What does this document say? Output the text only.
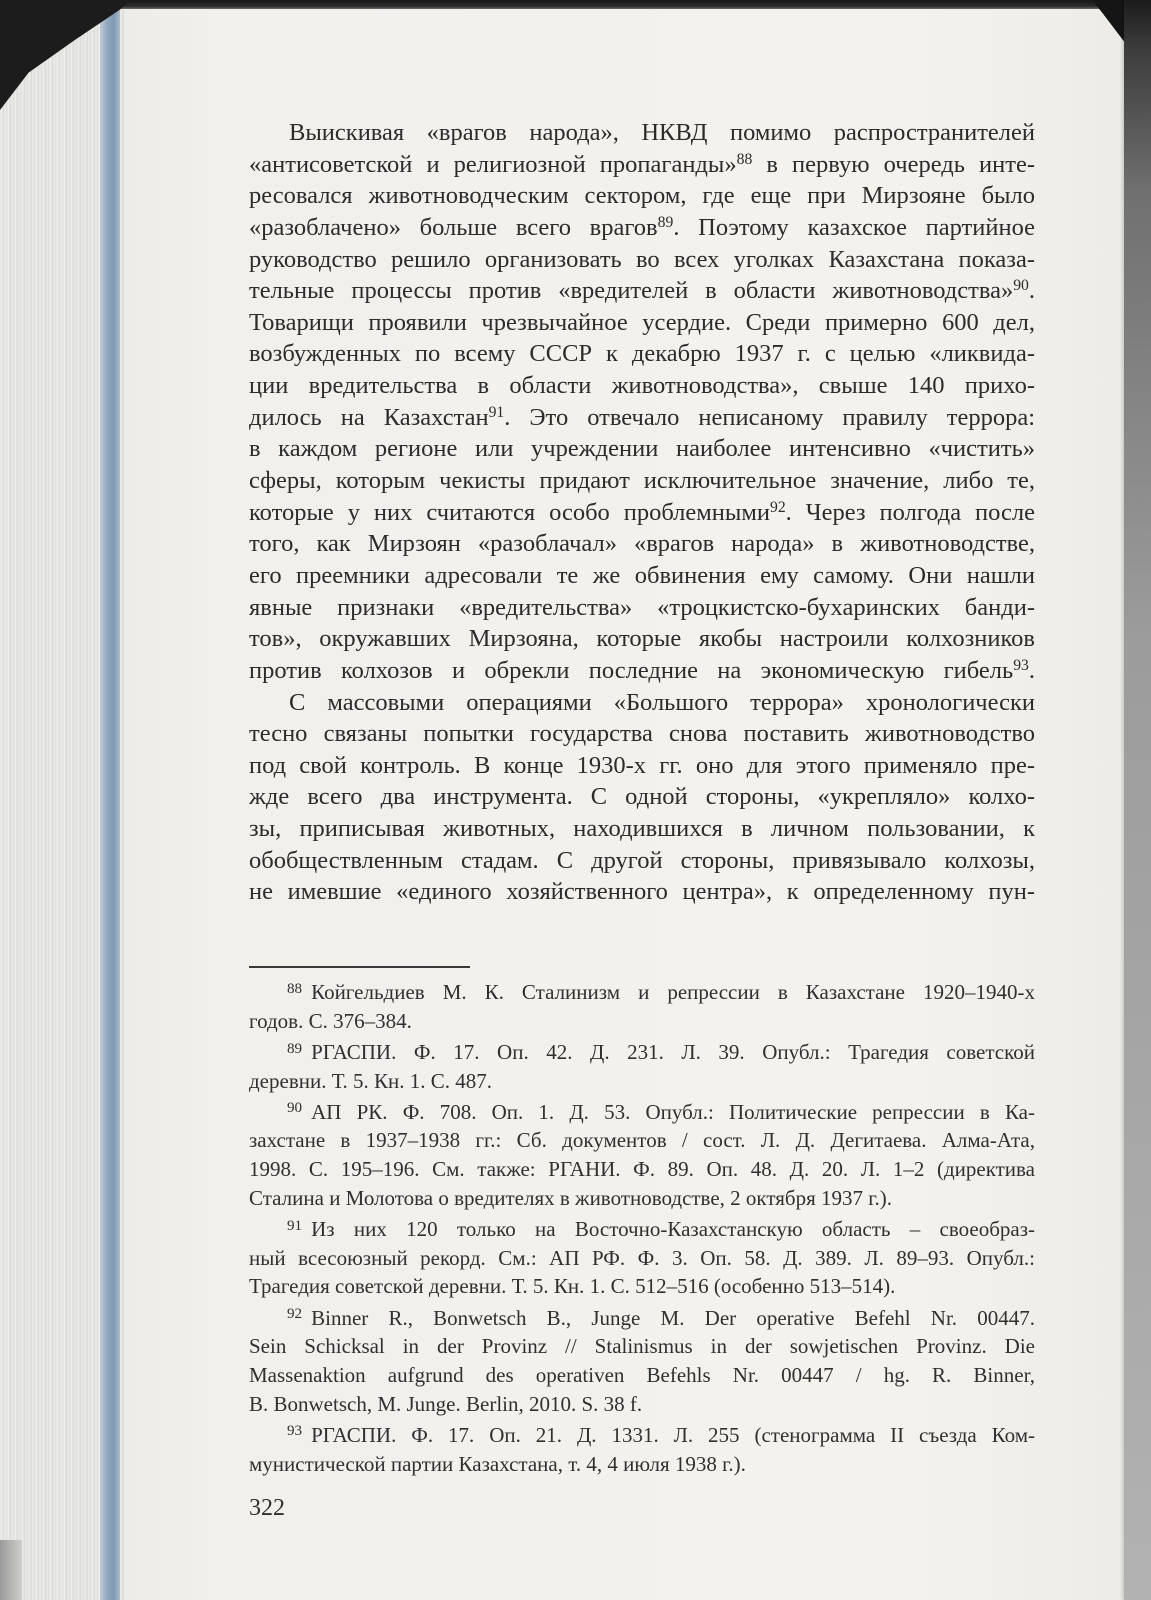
Выискивая «врагов народа», НКВД помимо распространителей
«антисоветской и религиозной пропаганды»$^{88}$ в первую очередь инте-
ресовался животноводческим сектором, где еще при Мирзояне было
«разоблачено» больше всего врагов$^{89}$. Поэтому казахское партийное
руководство решило организовать во всех уголках Казахстана показа-
тельные процессы против «вредителей в области животноводства»$^{90}$.
Товарищи проявили чрезвычайное усердие. Среди примерно 600 дел,
возбужденных по всему СССР к декабрю 1937 г. с целью «ликвида-
ции вредительства в области животноводства», свыше 140 прихо-
дилось на Казахстан$^{91}$. Это отвечало неписаному правилу террора:
в каждом регионе или учреждении наиболее интенсивно «чистить»
сферы, которым чекисты придают исключительное значение, либо те,
которые у них считаются особо проблемными$^{92}$. Через полгода после
того, как Мирзоян «разоблачал» «врагов народа» в животноводстве,
его преемники адресовали те же обвинения ему самому. Они нашли
явные признаки «вредительства» «троцкистско-бухаринских банди-
тов», окружавших Мирзояна, которые якобы настроили колхозников
против колхозов и обрекли последние на экономическую гибель$^{93}$.
С массовыми операциями «Большого террора» хронологически
тесно связаны попытки государства снова поставить животноводство
под свой контроль. В конце 1930-х гг. оно для этого применяло пре-
жде всего два инструмента. С одной стороны, «укрепляло» колхо-
зы, приписывая животных, находившихся в личном пользовании, к
обобществленным стадам. С другой стороны, привязывало колхозы,
не имевшие «единого хозяйственного центра», к определенному пун-
$^{88}$ Койгельдиев М. К. Сталинизм и репрессии в Казахстане 1920–1940-х
годов. С. 376–384.
$^{89}$ РГАСПИ. Ф. 17. Оп. 42. Д. 231. Л. 39. Опубл.: Трагедия советской
деревни. Т. 5. Кн. 1. С. 487.
$^{90}$ АП РК. Ф. 708. Оп. 1. Д. 53. Опубл.: Политические репрессии в Ка-
захстане в 1937–1938 гг.: Сб. документов / сост. Л. Д. Дегитаева. Алма-Ата,
1998. С. 195–196. См. также: РГАНИ. Ф. 89. Оп. 48. Д. 20. Л. 1–2 (директива
Сталина и Молотова о вредителях в животноводстве, 2 октября 1937 г.).
$^{91}$ Из них 120 только на Восточно-Казахстанскую область – своеобраз-
ный всесоюзный рекорд. См.: АП РФ. Ф. 3. Оп. 58. Д. 389. Л. 89–93. Опубл.:
Трагедия советской деревни. Т. 5. Кн. 1. С. 512–516 (особенно 513–514).
$^{92}$ Binner R., Bonwetsch B., Junge M. Der operative Befehl Nr. 00447.
Sein Schicksal in der Provinz // Stalinismus in der sowjetischen Provinz. Die
Massenaktion aufgrund des operativen Befehls Nr. 00447 / hg. R. Binner,
B. Bonwetsch, M. Junge. Berlin, 2010. S. 38 f.
$^{93}$ РГАСПИ. Ф. 17. Оп. 21. Д. 1331. Л. 255 (стенограмма II съезда Ком-
мунистической партии Казахстана, т. 4, 4 июля 1938 г.).
322
